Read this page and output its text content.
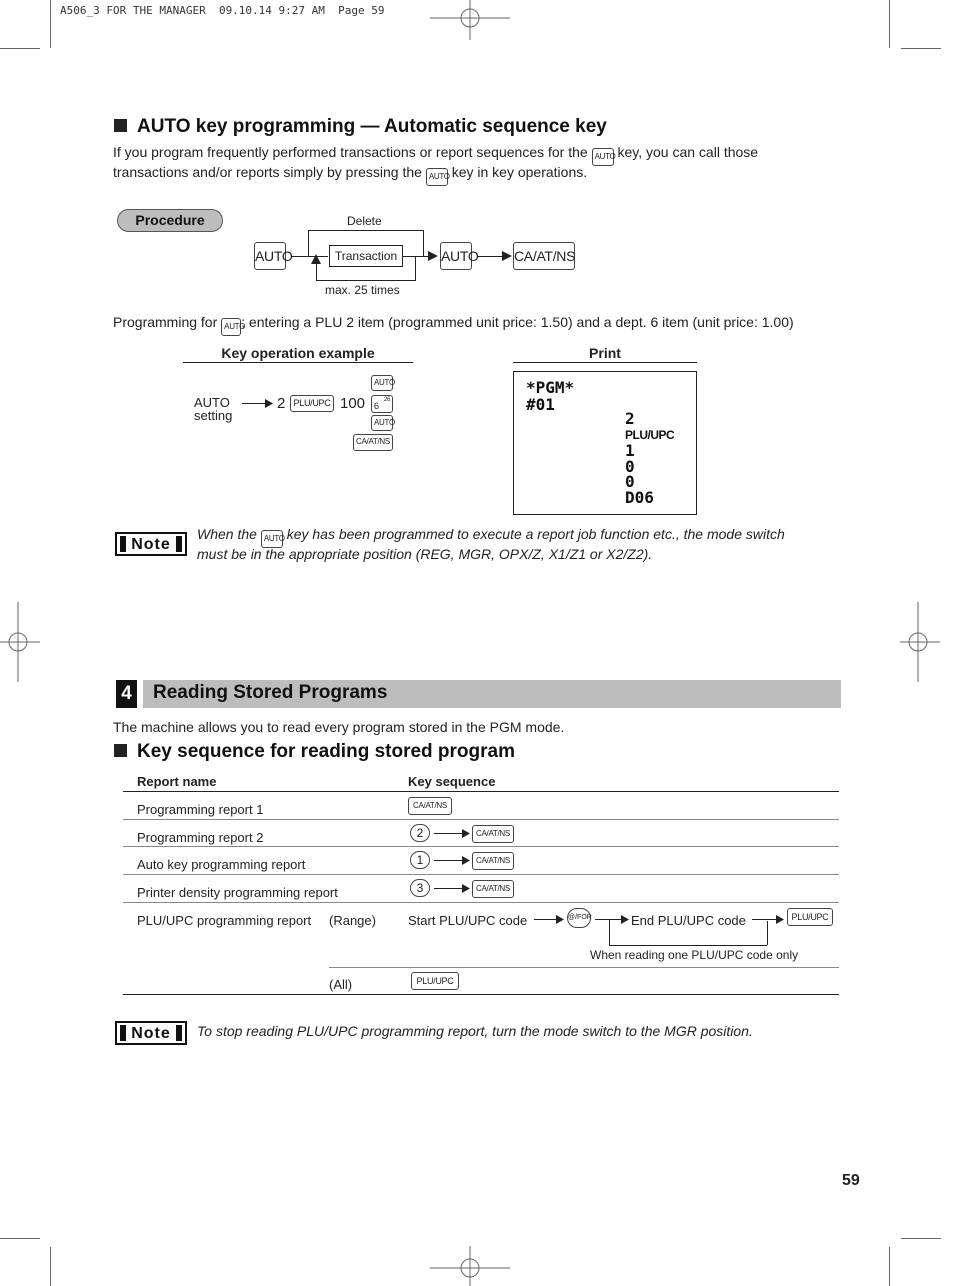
A506_3 FOR THE MANAGER  09.10.14 9:27 AM  Page 59
AUTO key programming — Automatic sequence key
If you program frequently performed transactions or report sequences for the AUTO key, you can call those
transactions and/or reports simply by pressing the AUTO key in key operations.
Procedure
AUTO
Delete
Transaction
max. 25 times
AUTO	CA/AT/NS
Programming for AUTO; entering a PLU 2 item (programmed unit price: 1.50) and a dept. 6 item (unit price: 1.00)
Key operation example
AUTO
setting
2 PLU/UPC 100
AUTO
26
6
AUTO
CA/AT/NS
Print
*PGM*
#01
2
PLU/UPC
1
0
0
D06
Note
When the AUTO key has been programmed to execute a report job function etc., the mode switch
must be in the appropriate position (REG, MGR, OPX/Z, X1/Z1 or X2/Z2).
4 Reading Stored Programs
The machine allows you to read every program stored in the PGM mode.
Key sequence for reading stored program
Report name	Key sequence
Programming report 1	CA/AT/NS
Programming report 2	2	CA/AT/NS
Auto key programming report	1	CA/AT/NS
Printer density programming report	3	CA/AT/NS
PLU/UPC programming report (Range) Start PLU/UPC code	@/FOR	End PLU/UPC code	PLU/UPC
When reading one PLU/UPC code only
(All)	PLU/UPC
Note	To stop reading PLU/UPC programming report, turn the mode switch to the MGR position.
59
